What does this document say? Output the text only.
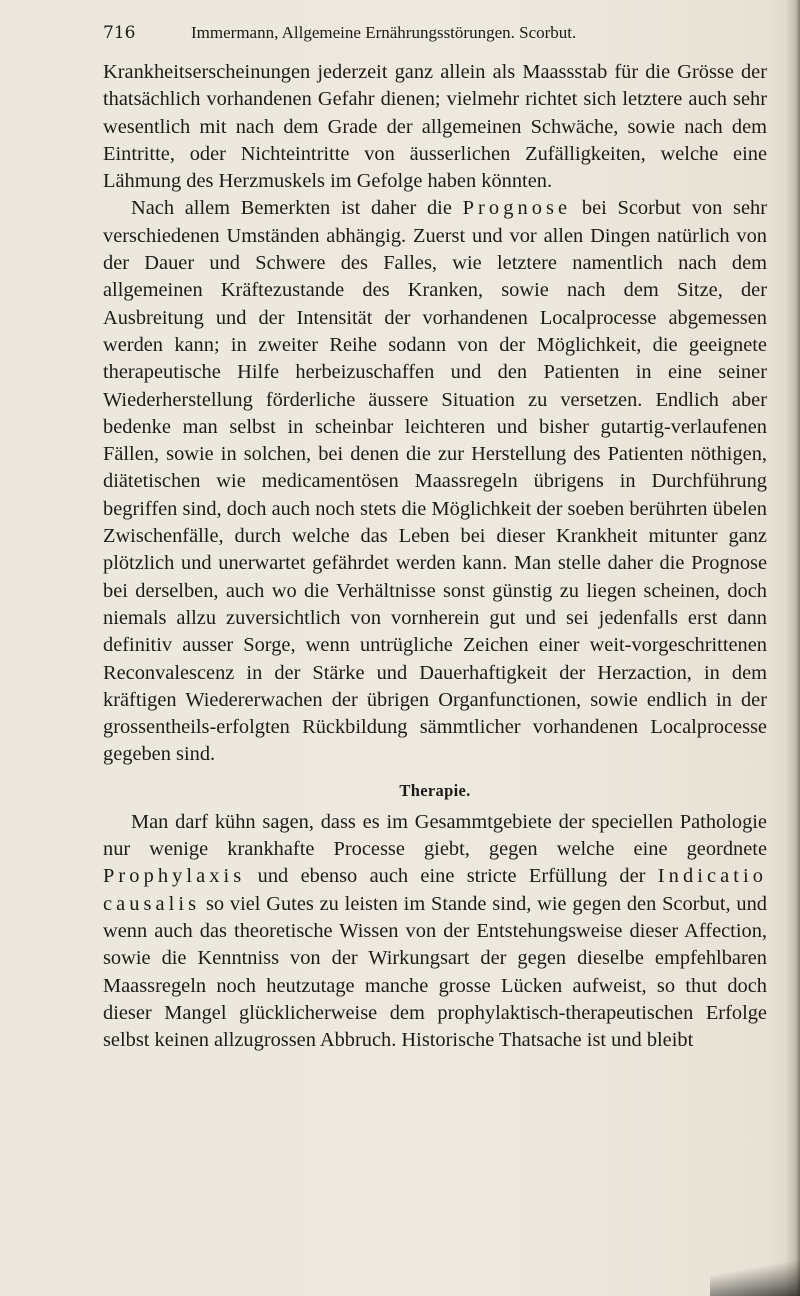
716	Immermann, Allgemeine Ernährungsstörungen. Scorbut.

Krankheitserscheinungen jederzeit ganz allein als Maassstab für die Grösse der thatsächlich vorhandenen Gefahr dienen; vielmehr richtet sich letztere auch sehr wesentlich mit nach dem Grade der allgemeinen Schwäche, sowie nach dem Eintritte, oder Nichteintritte von äusserlichen Zufälligkeiten, welche eine Lähmung des Herzmuskels im Gefolge haben könnten.

Nach allem Bemerkten ist daher die Prognose bei Scorbut von sehr verschiedenen Umständen abhängig. Zuerst und vor allen Dingen natürlich von der Dauer und Schwere des Falles, wie letztere namentlich nach dem allgemeinen Kräftezustande des Kranken, sowie nach dem Sitze, der Ausbreitung und der Intensität der vorhandenen Localprocesse abgemessen werden kann; in zweiter Reihe sodann von der Möglichkeit, die geeignete therapeutische Hilfe herbeizuschaffen und den Patienten in eine seiner Wiederherstellung förderliche äussere Situation zu versetzen. Endlich aber bedenke man selbst in scheinbar leichteren und bisher gutartig-verlaufenen Fällen, sowie in solchen, bei denen die zur Herstellung des Patienten nöthigen, diätetischen wie medicamentösen Maassregeln übrigens in Durchführung begriffen sind, doch auch noch stets die Möglichkeit der soeben berührten übelen Zwischenfälle, durch welche das Leben bei dieser Krankheit mitunter ganz plötzlich und unerwartet gefährdet werden kann. Man stelle daher die Prognose bei derselben, auch wo die Verhältnisse sonst günstig zu liegen scheinen, doch niemals allzu zuversichtlich von vornherein gut und sei jedenfalls erst dann definitiv ausser Sorge, wenn untrügliche Zeichen einer weit-vorgeschrittenen Reconvalescenz in der Stärke und Dauerhaftigkeit der Herzaction, in dem kräftigen Wiedererwachen der übrigen Organfunctionen, sowie endlich in der grossentheils-erfolgten Rückbildung sämmtlicher vorhandenen Localprocesse gegeben sind.

Therapie.

Man darf kühn sagen, dass es im Gesammtgebiete der speciellen Pathologie nur wenige krankhafte Processe giebt, gegen welche eine geordnete Prophylaxis und ebenso auch eine stricte Erfüllung der Indicatio causalis so viel Gutes zu leisten im Stande sind, wie gegen den Scorbut, und wenn auch das theoretische Wissen von der Entstehungsweise dieser Affection, sowie die Kenntniss von der Wirkungsart der gegen dieselbe empfehlbaren Maassregeln noch heutzutage manche grosse Lücken aufweist, so thut doch dieser Mangel glücklicherweise dem prophylaktisch-therapeutischen Erfolge selbst keinen allzugrossen Abbruch. Historische Thatsache ist und bleibt
